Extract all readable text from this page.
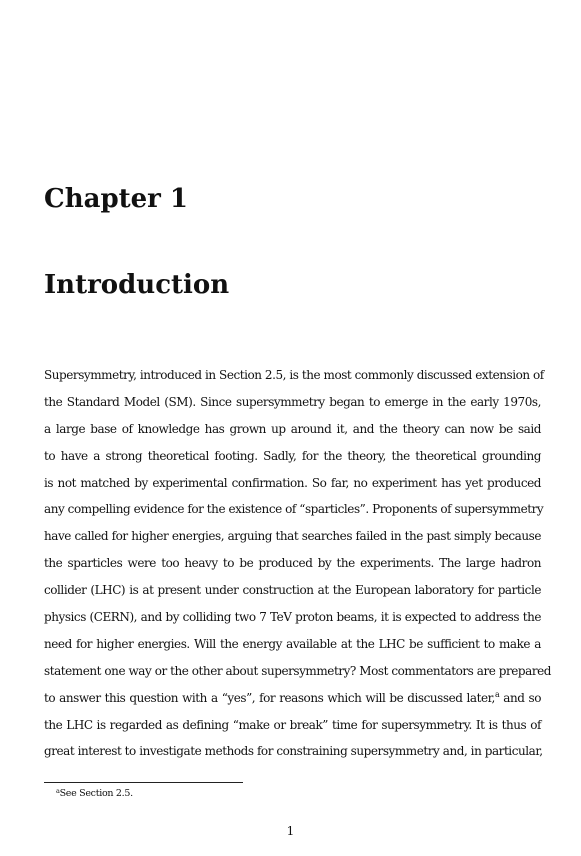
Chapter 1
Introduction
Supersymmetry, introduced in Section 2.5, is the most commonly discussed extension of
the Standard Model (SM). Since supersymmetry began to emerge in the early 1970s,
a large base of knowledge has grown up around it, and the theory can now be said
to have a strong theoretical footing. Sadly, for the theory, the theoretical grounding
is not matched by experimental confirmation. So far, no experiment has yet produced
any compelling evidence for the existence of “sparticles”. Proponents of supersymmetry
have called for higher energies, arguing that searches failed in the past simply because
the sparticles were too heavy to be produced by the experiments. The large hadron
collider (LHC) is at present under construction at the European laboratory for particle
physics (CERN), and by colliding two 7 TeV proton beams, it is expected to address the
need for higher energies. Will the energy available at the LHC be sufficient to make a
statement one way or the other about supersymmetry? Most commentators are prepared
to answer this question with a “yes”, for reasons which will be discussed later,$^a$ and so
the LHC is regarded as defining “make or break” time for supersymmetry. It is thus of
great interest to investigate methods for constraining supersymmetry and, in particular,
$^a$See Section 2.5.
1
